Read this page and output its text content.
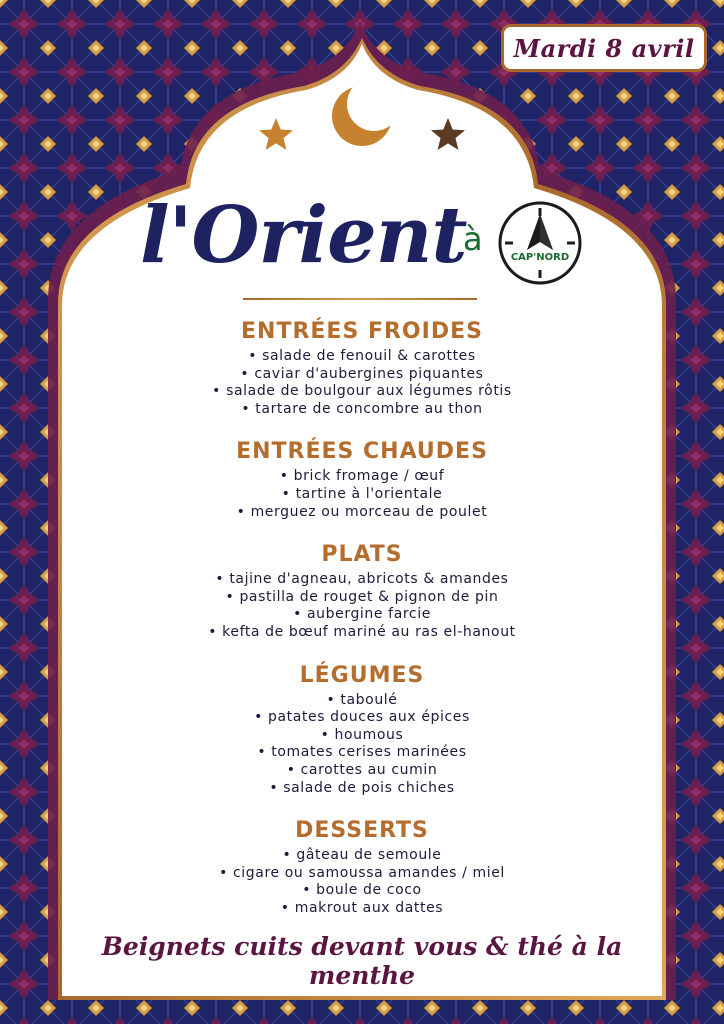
Mardi 8 avril
l'Orient
à	CAP'NORD
ENTRÉES FROIDES
• salade de fenouil & carottes
• caviar d'aubergines piquantes
• salade de boulgour aux légumes rôtis
• tartare de concombre au thon
ENTRÉES CHAUDES
• brick fromage / œuf
• tartine à l'orientale
• merguez ou morceau de poulet
PLATS
• tajine d'agneau, abricots & amandes
• pastilla de rouget & pignon de pin
• aubergine farcie
• kefta de bœuf mariné au ras el-hanout
LÉGUMES
• taboulé
• patates douces aux épices
• houmous
• tomates cerises marinées
• carottes au cumin
• salade de pois chiches
DESSERTS
• gâteau de semoule
• cigare ou samoussa amandes / miel
• boule de coco
• makrout aux dattes
Beignets cuits devant vous & thé à la menthe
